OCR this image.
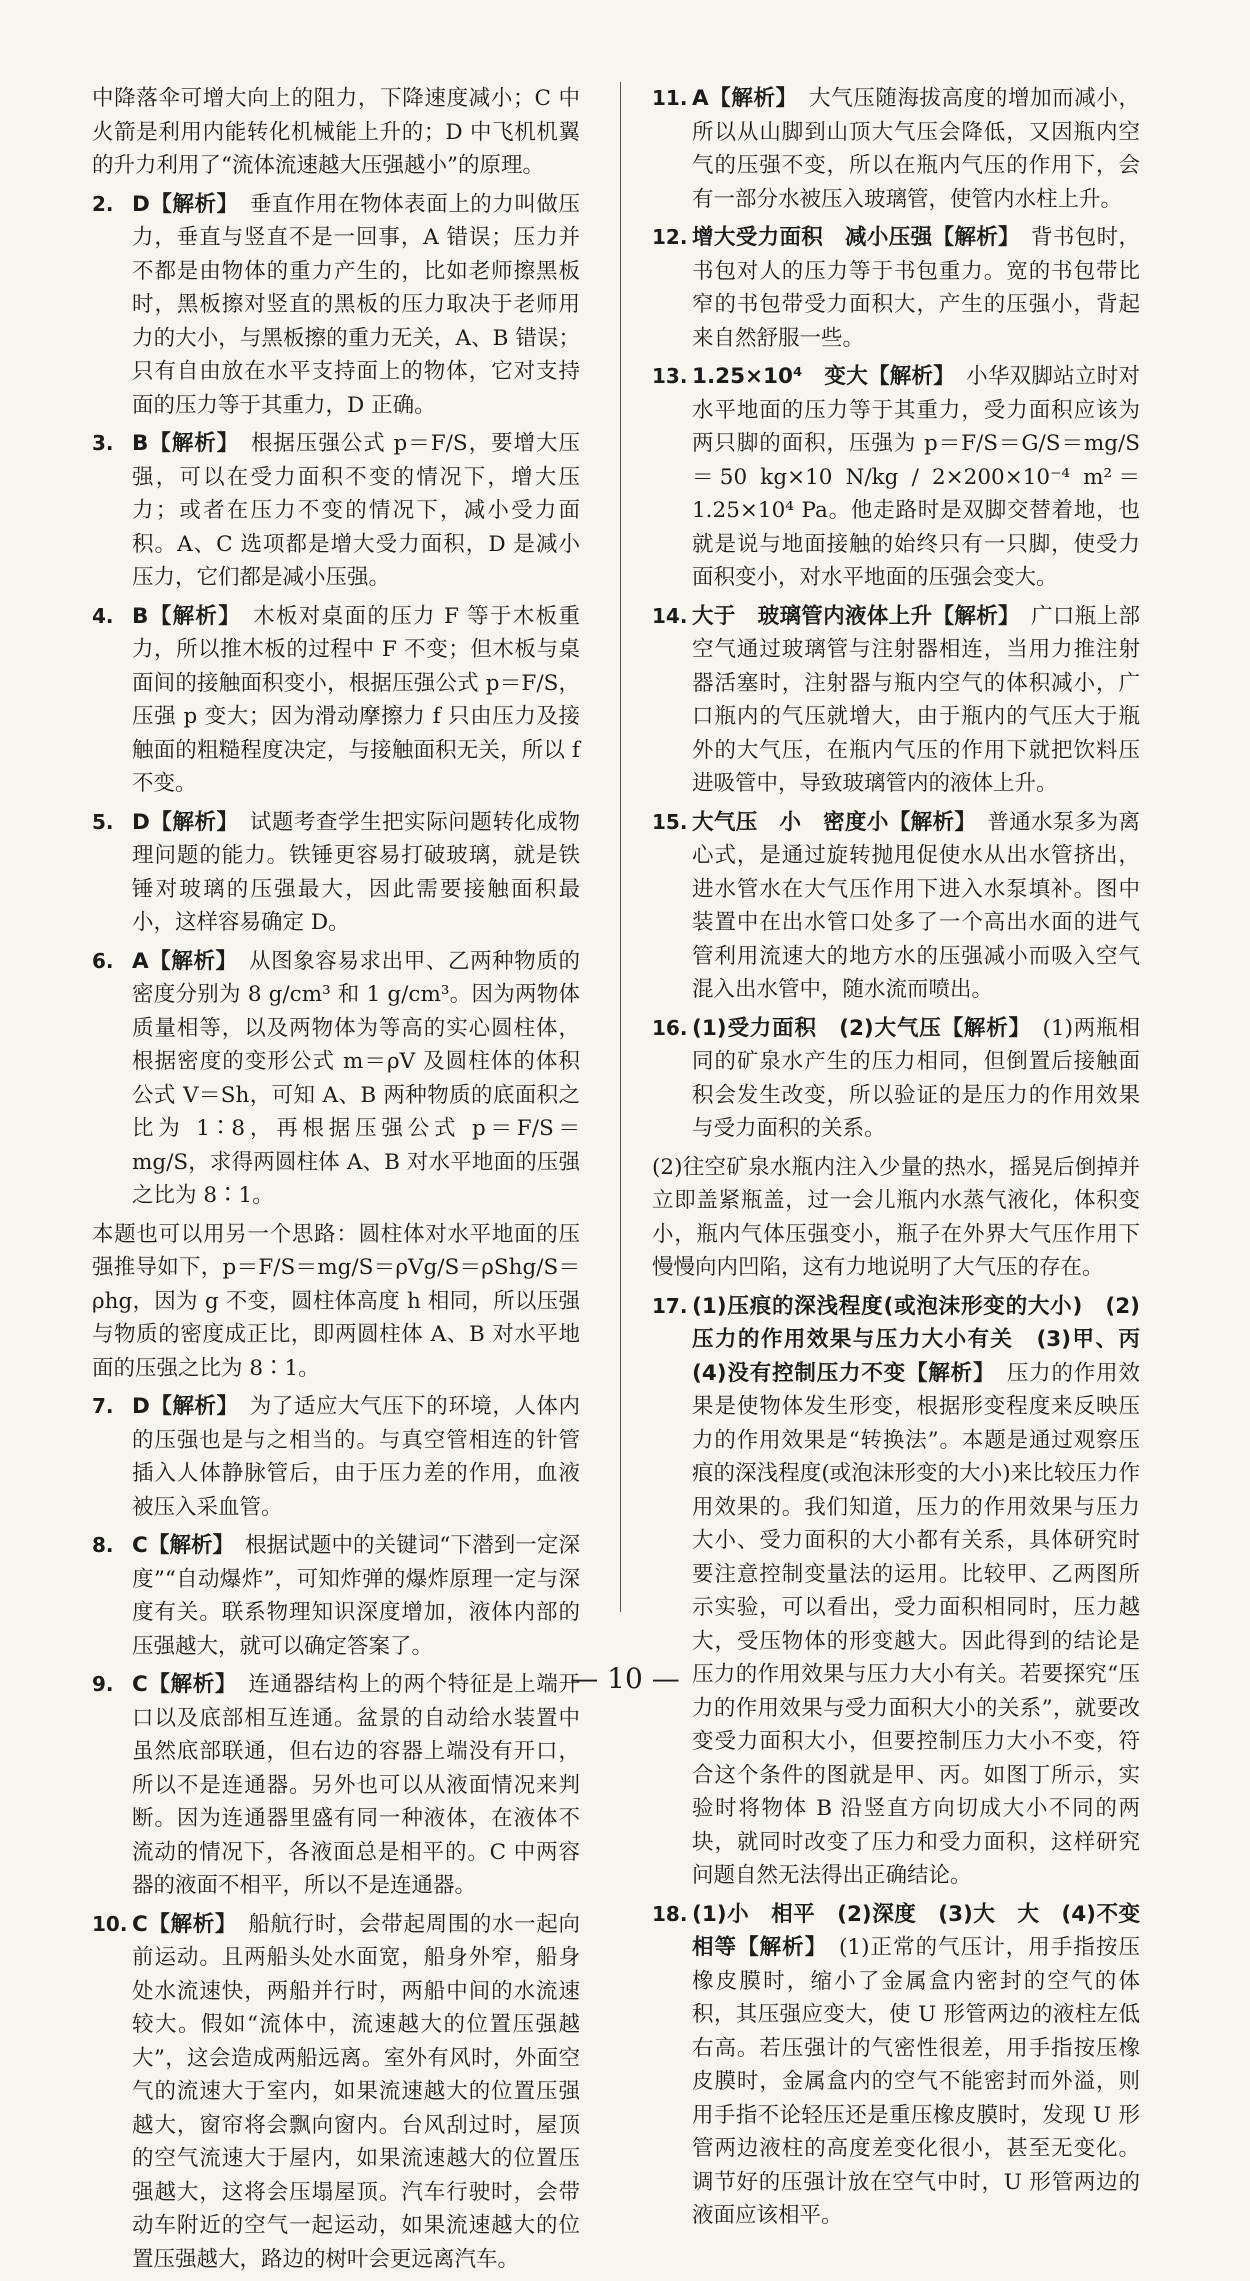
中降落伞可增大向上的阻力，下降速度减小；C 中火箭是利用内能转化机械能上升的；D 中飞机机翼的升力利用了“流体流速越大压强越小”的原理。
2. D【解析】　 垂直作用在物体表面上的力叫做压力，垂直与竖直不是一回事，A 错误；压力并不都是由物体的重力产生的，比如老师擦黑板时，黑板擦对竖直的黑板的压力取决于老师用力的大小，与黑板擦的重力无关，A、B 错误；只有自由放在水平支持面上的物体，它对支持面的压力等于其重力，D 正确。
3. B【解析】　 根据压强公式 p＝F/S，要增大压强，可以在受力面积不变的情况下，增大压力；或者在压力不变的情况下，减小受力面积。A、C 选项都是增大受力面积，D 是减小压力，它们都是减小压强。
4. B【解析】　 木板对桌面的压力 F 等于木板重力，所以推木板的过程中 F 不变；但木板与桌面间的接触面积变小，根据压强公式 p＝F/S，压强 p 变大；因为滑动摩擦力 f 只由压力及接触面的粗糙程度决定，与接触面积无关，所以 f 不变。
5. D【解析】　 试题考查学生把实际问题转化成物理问题的能力。铁锤更容易打破玻璃，就是铁锤对玻璃的压强最大，因此需要接触面积最小，这样容易确定 D。
6. A【解析】　 从图象容易求出甲、乙两种物质的密度分别为 8 g/cm³ 和 1 g/cm³。因为两物体质量相等，以及两物体为等高的实心圆柱体，根据密度的变形公式 m＝ρV 及圆柱体的体积公式 V＝Sh，可知 A、B 两种物质的底面积之比为 1∶8，再根据压强公式 p＝F/S＝mg/S，求得两圆柱体 A、B 对水平地面的压强之比为 8∶1。
本题也可以用另一个思路：圆柱体对水平地面的压强推导如下，p＝F/S＝mg/S＝ρVg/S＝ρShg/S＝ρhg，因为 g 不变，圆柱体高度 h 相同，所以压强与物质的密度成正比，即两圆柱体 A、B 对水平地面的压强之比为 8∶1。
7. D【解析】　 为了适应大气压下的环境，人体内的压强也是与之相当的。与真空管相连的针管插入人体静脉管后，由于压力差的作用，血液被压入采血管。
8. C【解析】　 根据试题中的关键词“下潜到一定深度”“自动爆炸”，可知炸弹的爆炸原理一定与深度有关。联系物理知识深度增加，液体内部的压强越大，就可以确定答案了。
9. C【解析】　 连通器结构上的两个特征是上端开口以及底部相互连通。盆景的自动给水装置中虽然底部联通，但右边的容器上端没有开口，所以不是连通器。另外也可以从液面情况来判断。因为连通器里盛有同一种液体，在液体不流动的情况下，各液面总是相平的。C 中两容器的液面不相平，所以不是连通器。
10. C【解析】　 船航行时，会带起周围的水一起向前运动。且两船头处水面宽，船身外窄，船身处水流速快，两船并行时，两船中间的水流速较大。假如“流体中，流速越大的位置压强越大”，这会造成两船远离。室外有风时，外面空气的流速大于室内，如果流速越大的位置压强越大，窗帘将会飘向窗内。台风刮过时，屋顶的空气流速大于屋内，如果流速越大的位置压强越大，这将会压塌屋顶。汽车行驶时，会带动车附近的空气一起运动，如果流速越大的位置压强越大，路边的树叶会更远离汽车。
11. A【解析】　 大气压随海拔高度的增加而减小，所以从山脚到山顶大气压会降低，又因瓶内空气的压强不变，所以在瓶内气压的作用下，会有一部分水被压入玻璃管，使管内水柱上升。
12. 增大受力面积　减小压强【解析】　 背书包时，书包对人的压力等于书包重力。宽的书包带比窄的书包带受力面积大，产生的压强小，背起来自然舒服一些。
13. 1.25×10⁴　变大【解析】　 小华双脚站立时对水平地面的压力等于其重力，受力面积应该为两只脚的面积，压强为 p＝F/S＝G/S＝mg/S＝50 kg×10 N/kg / 2×200×10⁻⁴ m²＝1.25×10⁴ Pa。他走路时是双脚交替着地，也就是说与地面接触的始终只有一只脚，使受力面积变小，对水平地面的压强会变大。
14. 大于　玻璃管内液体上升【解析】　 广口瓶上部空气通过玻璃管与注射器相连，当用力推注射器活塞时，注射器与瓶内空气的体积减小，广口瓶内的气压就增大，由于瓶内的气压大于瓶外的大气压，在瓶内气压的作用下就把饮料压进吸管中，导致玻璃管内的液体上升。
15. 大气压　小　密度小【解析】　 普通水泵多为离心式，是通过旋转抛甩促使水从出水管挤出，进水管水在大气压作用下进入水泵填补。图中装置中在出水管口处多了一个高出水面的进气管利用流速大的地方水的压强减小而吸入空气混入出水管中，随水流而喷出。
16. (1)受力面积　(2)大气压【解析】　 (1)两瓶相同的矿泉水产生的压力相同，但倒置后接触面积会发生改变，所以验证的是压力的作用效果与受力面积的关系。
(2)往空矿泉水瓶内注入少量的热水，摇晃后倒掉并立即盖紧瓶盖，过一会儿瓶内水蒸气液化，体积变小，瓶内气体压强变小，瓶子在外界大气压作用下慢慢向内凹陷，这有力地说明了大气压的存在。
17. (1)压痕的深浅程度(或泡沫形变的大小)　(2)压力的作用效果与压力大小有关　(3)甲、丙　(4)没有控制压力不变【解析】　 压力的作用效果是使物体发生形变，根据形变程度来反映压力的作用效果是“转换法”。本题是通过观察压痕的深浅程度(或泡沫形变的大小)来比较压力作用效果的。我们知道，压力的作用效果与压力大小、受力面积的大小都有关系，具体研究时要注意控制变量法的运用。比较甲、乙两图所示实验，可以看出，受力面积相同时，压力越大，受压物体的形变越大。因此得到的结论是压力的作用效果与压力大小有关。若要探究“压力的作用效果与受力面积大小的关系”，就要改变受力面积大小，但要控制压力大小不变，符合这个条件的图就是甲、丙。如图丁所示，实验时将物体 B 沿竖直方向切成大小不同的两块，就同时改变了压力和受力面积，这样研究问题自然无法得出正确结论。
18. (1)小　相平　(2)深度　(3)大　大　(4)不变　相等【解析】　 (1)正常的气压计，用手指按压橡皮膜时，缩小了金属盒内密封的空气的体积，其压强应变大，使 U 形管两边的液柱左低右高。若压强计的气密性很差，用手指按压橡皮膜时，金属盒内的空气不能密封而外溢，则用手指不论轻压还是重压橡皮膜时，发现 U 形管两边液柱的高度差变化很小，甚至无变化。调节好的压强计放在空气中时，U 形管两边的液面应该相平。
— 10 —
